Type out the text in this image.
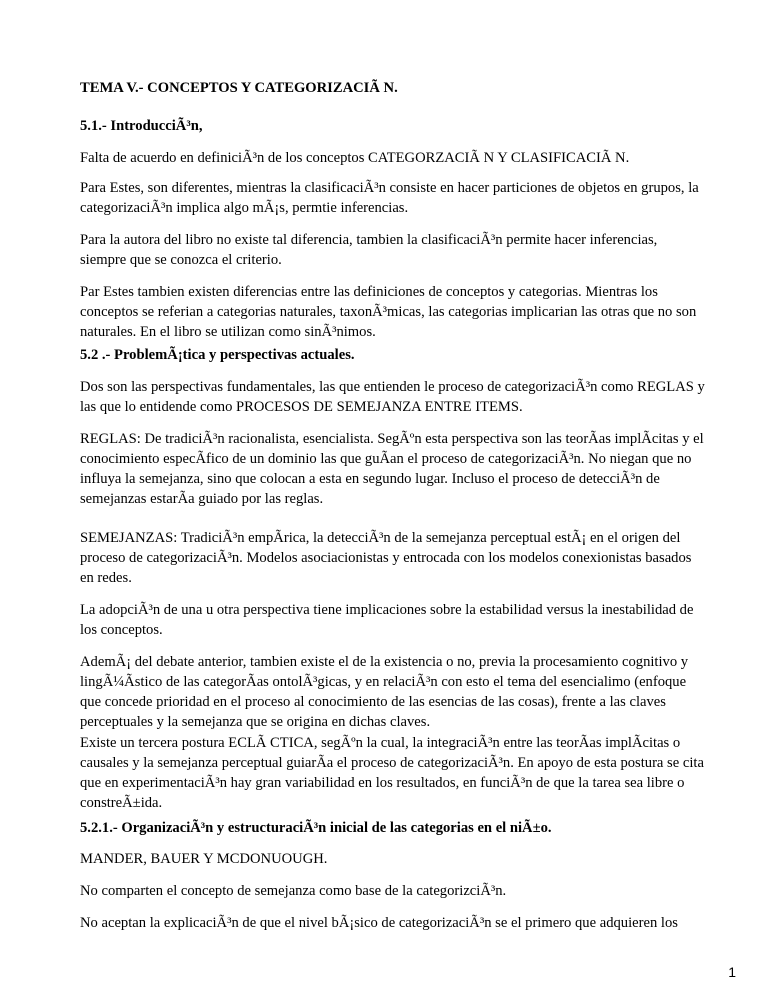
TEMA V.- CONCEPTOS Y CATEGORIZACIÃ N.

5.1.- IntroducciÃ³n,

Falta de acuerdo en definiciÃ³n de los conceptos CATEGORZACIÃ N Y CLASIFICACIÃ N.

Para Estes, son diferentes, mientras la clasificaciÃ³n consiste en hacer particiones de objetos en grupos, la categorizaciÃ³n implica algo mÃ¡s, permtie inferencias.

Para la autora del libro no existe tal diferencia, tambien la clasificaciÃ³n permite hacer inferencias, siempre que se conozca el criterio.

Par Estes tambien existen diferencias entre las definiciones de conceptos y categorias. Mientras los conceptos se referian a categorias naturales, taxonÃ³micas, las categorias implicarian las otras que no son naturales. En el libro se utilizan como sinÃ³nimos.

5.2 .- ProblemÃ¡tica y perspectivas actuales.

Dos son las perspectivas fundamentales, las que entienden le proceso de categorizaciÃ³n como REGLAS y las que lo entidende como PROCESOS DE SEMEJANZA ENTRE ITEMS.

REGLAS: De tradiciÃ³n racionalista, esencialista. SegÃºn esta perspectiva son las teorÃas implÃcitas y el conocimiento especÃfico de un dominio las que guÃan el proceso de categorizaciÃ³n. No niegan que no influya la semejanza, sino que colocan a esta en segundo lugar. Incluso el proceso de detecciÃ³n de semejanzas estarÃa guiado por las reglas.

SEMEJANZAS: TradiciÃ³n empÃrica, la detecciÃ³n de la semejanza perceptual estÃ¡ en el origen del proceso de categorizaciÃ³n. Modelos asociacionistas y entrocada con los modelos conexionistas basados en redes.

La adopciÃ³n de una u otra perspectiva tiene implicaciones sobre la estabilidad versus la inestabilidad de los conceptos.

AdemÃ¡ del debate anterior, tambien existe el de la existencia o no, previa la procesamiento cognitivo y lingÃ¼Ãstico de las categorÃas ontolÃ³gicas, y en relaciÃ³n con esto el tema del esencialimo (enfoque que concede prioridad en el proceso al conocimiento de las esencias de las cosas), frente a las claves perceptuales y la semejanza que se origina en dichas claves.

Existe un tercera postura ECLÃ CTICA, segÃºn la cual, la integraciÃ³n entre las teorÃas implÃcitas o causales y la semejanza perceptual guiarÃa el proceso de categorizaciÃ³n. En apoyo de esta postura se cita que en experimentaciÃ³n hay gran variabilidad en los resultados, en funciÃ³n de que la tarea sea libre o constreÃ±ida.

5.2.1.- OrganizaciÃ³n y estructuraciÃ³n inicial de las categorias en el niÃ±o.

MANDER, BAUER Y MCDONUOUGH.

No comparten el concepto de semejanza como base de la categorizciÃ³n.

No aceptan la explicaciÃ³n de que el nivel bÃ¡sico de categorizaciÃ³n se el primero que adquieren los

1
